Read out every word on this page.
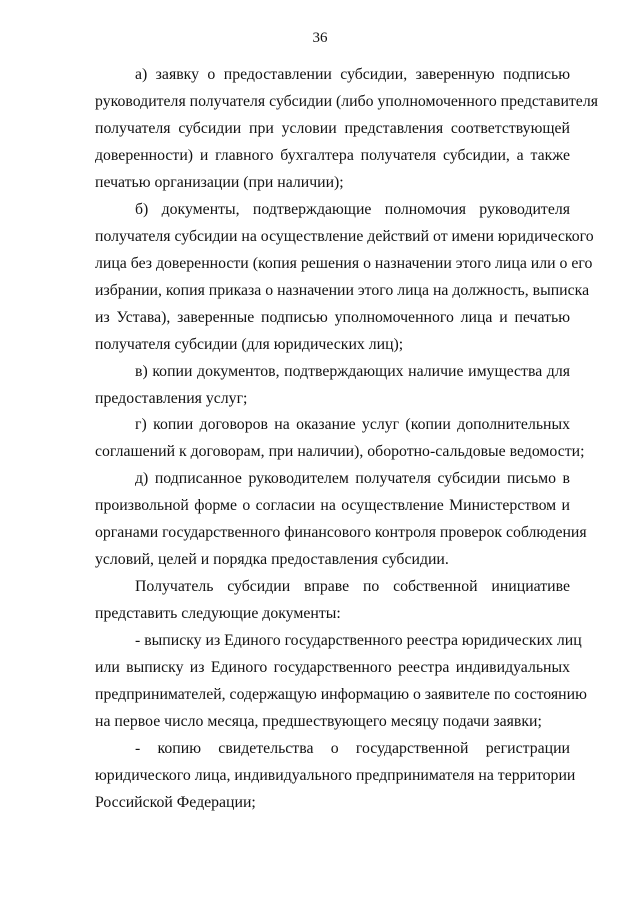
36

а) заявку о предоставлении субсидии, заверенную подписью

руководителя получателя субсидии (либо уполномоченного представителя

получателя субсидии при условии представления соответствующей

доверенности) и главного бухгалтера получателя субсидии, а также

печатью организации (при наличии);

б) документы, подтверждающие полномочия руководителя

получателя субсидии на осуществление действий от имени юридического

лица без доверенности (копия решения о назначении этого лица или о его

избрании, копия приказа о назначении этого лица на должность, выписка

из Устава), заверенные подписью уполномоченного лица и печатью

получателя субсидии (для юридических лиц);

в) копии документов, подтверждающих наличие имущества для

предоставления услуг;

г) копии договоров на оказание услуг (копии дополнительных

соглашений к договорам, при наличии), оборотно-сальдовые ведомости;

д) подписанное руководителем получателя субсидии письмо в

произвольной форме о согласии на осуществление Министерством и

органами государственного финансового контроля проверок соблюдения

условий, целей и порядка предоставления субсидии.

Получатель субсидии вправе по собственной инициативе

представить следующие документы:

- выписку из Единого государственного реестра юридических лиц

или выписку из Единого государственного реестра индивидуальных

предпринимателей, содержащую информацию о заявителе по состоянию

на первое число месяца, предшествующего месяцу подачи заявки;

- копию свидетельства о государственной регистрации

юридического лица, индивидуального предпринимателя на территории

Российской Федерации;
